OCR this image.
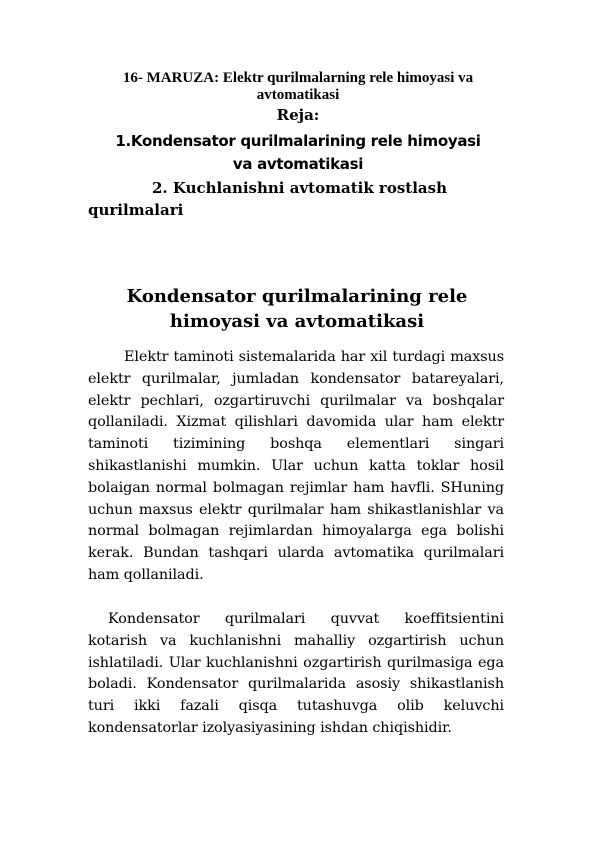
16- MARUZA: Elektr qurilmalarning rele himoyasi va avtomatikasi

Reja:

1.Kondensator qurilmalarining rele himoyasi va avtomatikasi

2. Kuchlanishni avtomatik rostlash qurilmalari

Kondensator qurilmalarining rele himoyasi va avtomatikasi

Elektr taminoti sistemalarida har xil turdagi maxsus elektr qurilmalar, jumladan kondensator batareyalari, elektr pechlari, ozgartiruvchi qurilmalar va boshqalar qollaniladi. Xizmat qilishlari davomida ular ham elektr taminoti tizimining boshqa elementlari singari shikastlanishi mumkin. Ular uchun katta toklar hosil bolaigan normal bolmagan rejimlar ham havfli. SHuning uchun maxsus elektr qurilmalar ham shikastlanishlar va normal bolmagan rejimlardan himoyalarga ega bolishi kerak. Bundan tashqari ularda avtomatika qurilmalari ham qollaniladi.

Kondensator qurilmalari quvvat koeffitsientini kotarish va kuchlanishni mahalliy ozgartirish uchun ishlatiladi. Ular kuchlanishni ozgartirish qurilmasiga ega boladi. Kondensator qurilmalarida asosiy shikastlanish turi ikki fazali qisqa tutashuvga olib keluvchi kondensatorlar izolyasiyasining ishdan chiqishidir.
